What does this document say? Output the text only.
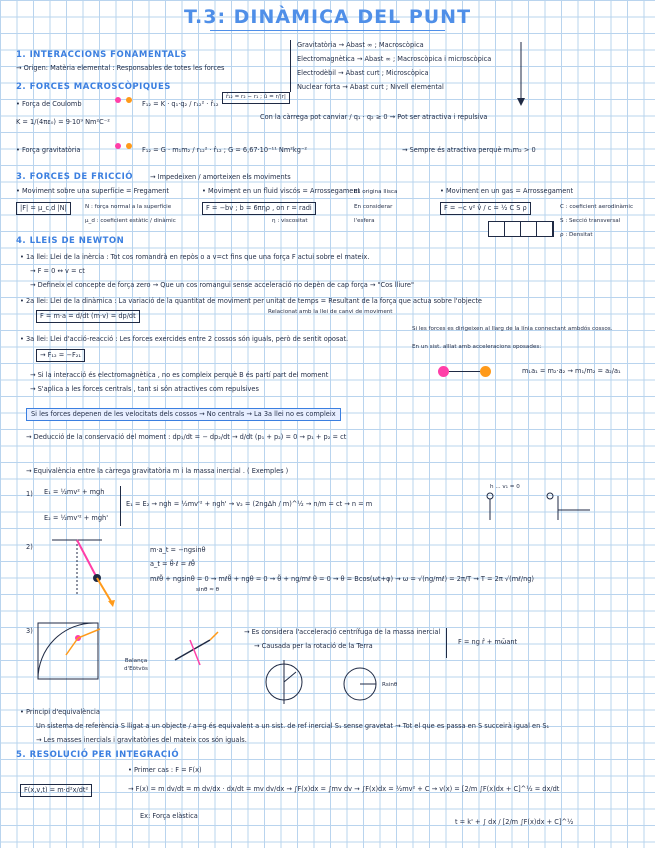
T.3: DINÀMICA DEL PUNT
1. INTERACCIONS FONAMENTALS
→ Origen: Matèria elemental : Responsables de totes les forces
Gravitatòria → Abast ∞ ; Macroscòpica
Electromagnètica → Abast ∞ ; Macroscòpica i microscòpica
Electrodèbil → Abast curt ; Microscòpica
Nuclear forta → Abast curt ; Nivell elemental
2. FORCES MACROSCÒPIQUES
• Força de Coulomb	F₁₂ = K · q₁·q₂ / r₁₂² · r̂₁₂
r̂₁₂ = r₂ − r₁ ; û = r/|r|
K = 1/(4πε₀) = 9·10⁹ Nm²C⁻²
Con la càrrega pot canviar / q₁ · q₂ ≥ 0 → Pot ser atractiva i repulsiva
• Força gravitatòria	F₁₂ = G · m₁m₂ / r₁₂² · r̂₁₂ ; G = 6,67·10⁻¹¹ Nm²kg⁻²	→ Sempre és atractiva perquè m₁m₂ > 0
3. FORCES DE FRICCIÓ	→ Impedeixen / amorteixen els moviments
• Moviment sobre una superfície = Fregament
|F| = μ_c,d |N|	N : força normal a la superfície
μ_d : coeficient estàtic / dinàmic
• Moviment en un fluid viscós = Arrossegament
F = −bv ; b = 6πηρ , on r = radi
η : viscositat
Es origina llisca
En considerar
l'esfera
• Moviment en un gas = Arrossegament
F = −c v² v̂ / c = ½ C S ρ	C : coeficient aerodinàmic
S : Secció transversal
ρ : Densitat
4. LLEIS DE NEWTON
• 1a llei: Llei de la inèrcia : Tot cos romandrà en repòs o a v=ct fins que una força F actui sobre el mateix.
→ F = 0 ↔ v = ct
→ Defineix el concepte de força zero → Que un cos romangui sense acceleració no depèn de cap força → "Cos lliure"
• 2a llei: Llei de la dinàmica : La variació de la quantitat de moviment per unitat de temps = Resultant de la força que actua sobre l'objecte
F = m·a = d/dt (m·v) = dp/dt	Relacionat amb la llei de canvi de moviment
• 3a llei: Llei d'acció-reacció : Les forces exercides entre 2 cossos són iguals, però de sentit oposat.
→ F₁₂ = −F₂₁
Si les forces es dirigeixen al llarg de la línia connectant ambdós cossos.
En un sist. aïllat amb acceleracions oposades:
m₁a₁ = m₂·a₂ → m₁/m₂ = a₂/a₁
→ Si la interacció és electromagnètica , no es compleix perquè B és partí part del moment
→ S'aplica a les forces centrals , tant si són atractives com repulsives
Si les forces depenen de les velocitats dels cossos → No centrals → La 3a llei no es compleix
→ Deducció de la conservació del moment : dp₁/dt = − dp₂/dt → d/dt (p₁ + p₂) = 0 → p₁ + p₂ = ct
→ Equivalència entre la càrrega gravitatòria m i la massa inercial . ( Exemples )
1) E₁ = ½mv² + mgh
E₂ = ½mv'² + mgh'
E₁ = E₂ → ngh = ½mv'² + ngh' → v₂ = (2ngΔh / m)^½ → n/m = ct → n = m
h ... v₁ = 0
2)	m·a_t = −ngsinθ
a_t = θ̈·ℓ = ℓθ̈
mℓθ̈ + ngsinθ = 0 → mℓθ̈ + ngθ = 0 → θ̈ + ng/mℓ θ = 0 → θ = Bcos(ωt+φ) → ω = √(ng/mℓ) = 2π/T → T = 2π √(mℓ/ng)
sinθ ≈ θ
3)
Balança d'Eötvös
→ Es considera l'acceleració centrífuga de la massa inercial
→ Causada per la rotació de la Terra	F = ng r̂ + mω̄ant
Rsinθ
• Principi d'equivalència
Un sistema de referència S lligat a un objecte / a=g és equivalent a un sist. de ref inercial S₁ sense gravetat → Tot el que es passa en S succeirà igual en S₁
→ Les masses inercials i gravitatòries del mateix cos són iguals.
5. RESOLUCIÓ PER INTEGRACIÓ
F(x,v,t) = m·d²x/dt²
• Primer cas : F = F(x)
→ F(x) = m dv/dt = m dv/dx · dx/dt = mv dv/dx → ∫F(x)dx = ∫mv dv → ∫F(x)dx = ½mv² + C → v(x) = [2/m ∫F(x)dx + C]^½ = dx/dt
Ex: Força elàstica
t = k' + ∫ dx / [2/m ∫F(x)dx + C]^½
